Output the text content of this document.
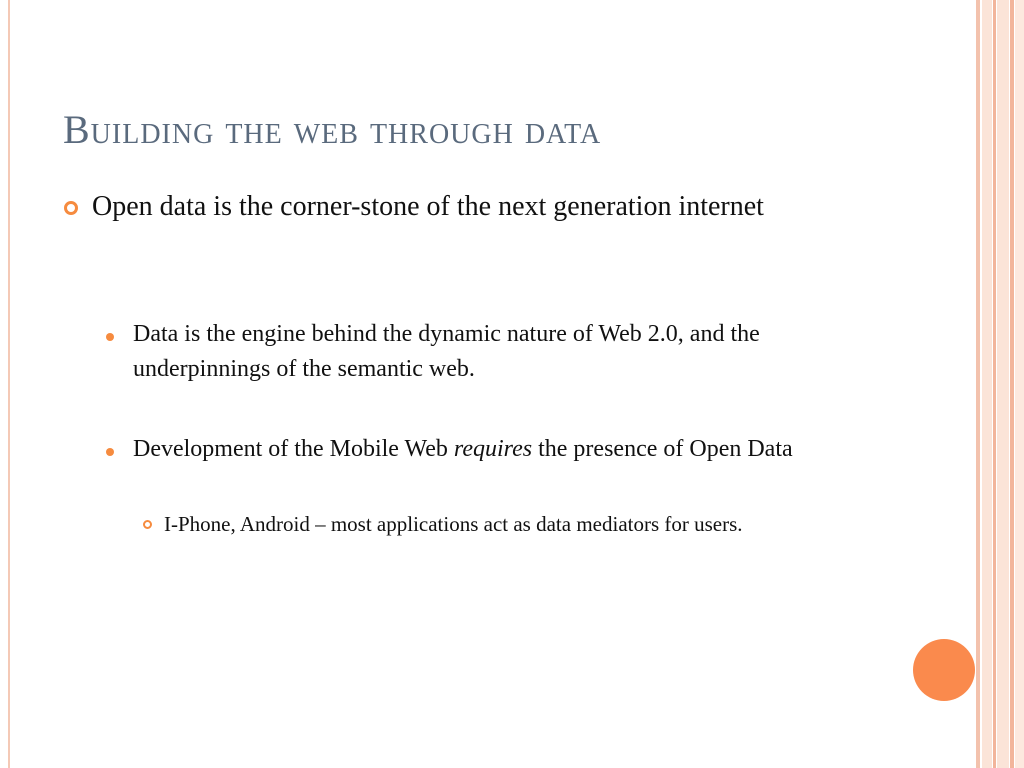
Building the web through data
Open data is the corner-stone of the next generation internet
Data is the engine behind the dynamic nature of Web 2.0, and the underpinnings of the semantic web.
Development of the Mobile Web requires the presence of Open Data
I-Phone, Android – most applications act as data mediators for users.
